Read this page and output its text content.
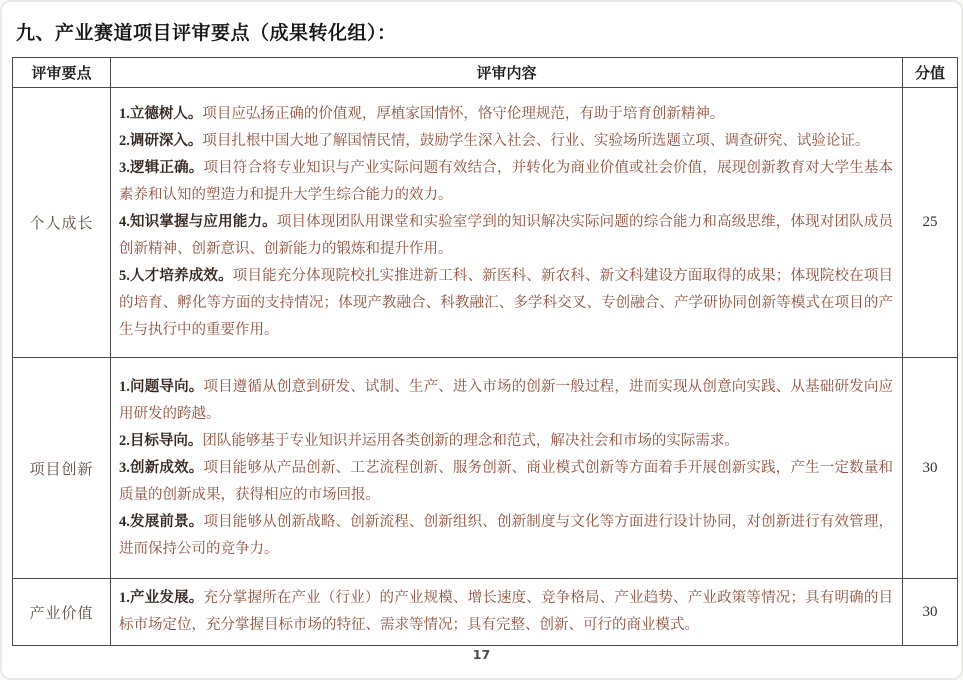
九、产业赛道项目评审要点（成果转化组）：
评审要点	评审内容	分值
个人成长	1.立德树人。项目应弘扬正确的价值观，厚植家国情怀，恪守伦理规范，有助于培育创新精神。
2.调研深入。项目扎根中国大地了解国情民情，鼓励学生深入社会、行业、实验场所选题立项、调查研究、试验论证。
3.逻辑正确。项目符合将专业知识与产业实际问题有效结合，并转化为商业价值或社会价值，展现创新教育对大学生基本素养和认知的塑造力和提升大学生综合能力的效力。
4.知识掌握与应用能力。项目体现团队用课堂和实验室学到的知识解决实际问题的综合能力和高级思维，体现对团队成员创新精神、创新意识、创新能力的锻炼和提升作用。
5.人才培养成效。项目能充分体现院校扎实推进新工科、新医科、新农科、新文科建设方面取得的成果；体现院校在项目的培育、孵化等方面的支持情况；体现产教融合、科教融汇、多学科交叉、专创融合、产学研协同创新等模式在项目的产生与执行中的重要作用。	25
项目创新	1.问题导向。项目遵循从创意到研发、试制、生产、进入市场的创新一般过程，进而实现从创意向实践、从基础研发向应用研发的跨越。
2.目标导向。团队能够基于专业知识并运用各类创新的理念和范式，解决社会和市场的实际需求。
3.创新成效。项目能够从产品创新、工艺流程创新、服务创新、商业模式创新等方面着手开展创新实践，产生一定数量和质量的创新成果，获得相应的市场回报。
4.发展前景。项目能够从创新战略、创新流程、创新组织、创新制度与文化等方面进行设计协同，对创新进行有效管理，进而保持公司的竞争力。	30
产业价值	1.产业发展。充分掌握所在产业（行业）的产业规模、增长速度、竞争格局、产业趋势、产业政策等情况；具有明确的目标市场定位，充分掌握目标市场的特征、需求等情况；具有完整、创新、可行的商业模式。	30
17
